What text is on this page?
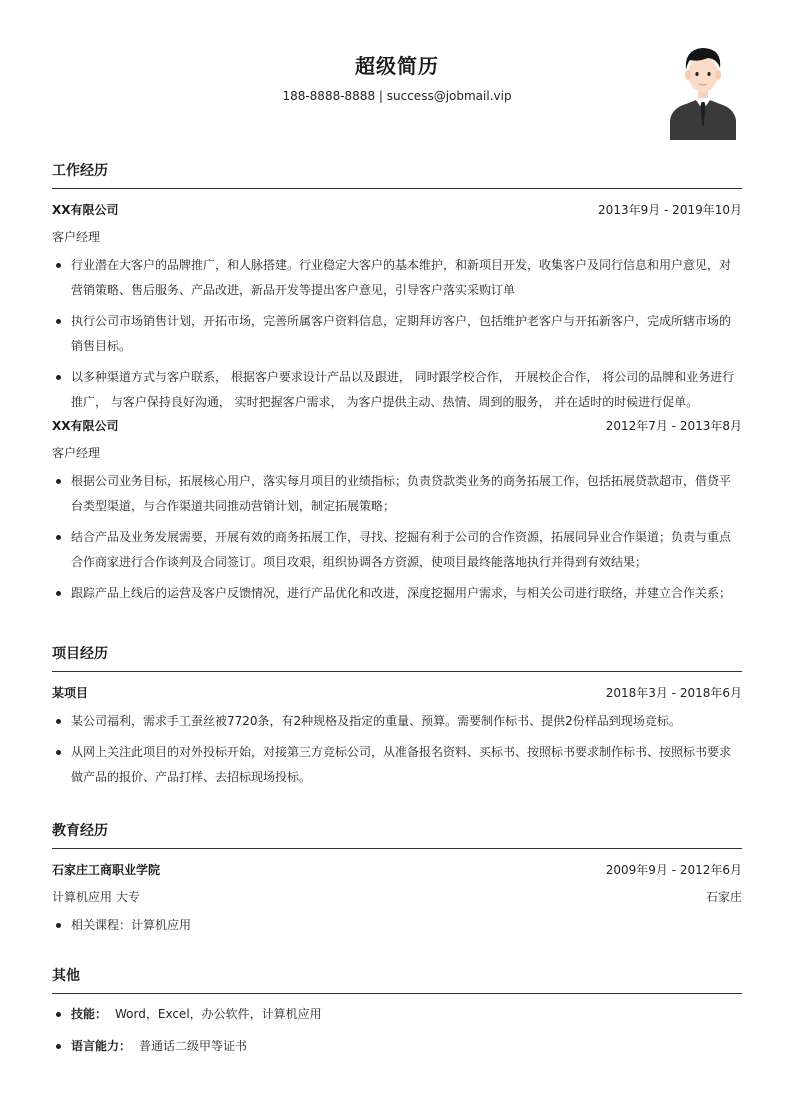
超级简历
188-8888-8888 | success@jobmail.vip
工作经历
XX有限公司	2013年9月 - 2019年10月
客户经理
行业潜在大客户的品牌推广，和人脉搭建。行业稳定大客户的基本维护，和新项目开发，收集客户及同行信息和用户意见，对营销策略、售后服务、产品改进，新品开发等提出客户意见，引导客户落实采购订单
执行公司市场销售计划，开拓市场，完善所属客户资料信息，定期拜访客户，包括维护老客户与开拓新客户，完成所辖市场的销售目标。
以多种渠道方式与客户联系， 根据客户要求设计产品以及跟进， 同时跟学校合作， 开展校企合作， 将公司的品牌和业务进行推广， 与客户保持良好沟通， 实时把握客户需求， 为客户提供主动、热情、周到的服务， 并在适时的时候进行促单。
XX有限公司	2012年7月 - 2013年8月
客户经理
根据公司业务目标，拓展核心用户，落实每月项目的业绩指标；负责贷款类业务的商务拓展工作，包括拓展贷款超市，借贷平台类型渠道，与合作渠道共同推动营销计划，制定拓展策略；
结合产品及业务发展需要，开展有效的商务拓展工作，寻找、挖掘有利于公司的合作资源，拓展同异业合作渠道；负责与重点合作商家进行合作谈判及合同签订。项目攻艰，组织协调各方资源，使项目最终能落地执行并得到有效结果；
跟踪产品上线后的运营及客户反馈情况，进行产品优化和改进，深度挖掘用户需求，与相关公司进行联络，并建立合作关系；
项目经历
某项目	2018年3月 - 2018年6月
某公司福利，需求手工蚕丝被7720条，有2种规格及指定的重量、预算。需要制作标书、提供2份样品到现场竞标。
从网上关注此项目的对外投标开始，对接第三方竞标公司，从准备报名资料、买标书、按照标书要求制作标书、按照标书要求做产品的报价、产品打样、去招标现场投标。
教育经历
石家庄工商职业学院	2009年9月 - 2012年6月
计算机应用 大专	石家庄
相关课程：计算机应用
其他
技能： Word，Excel，办公软件，计算机应用
语言能力： 普通话二级甲等证书
